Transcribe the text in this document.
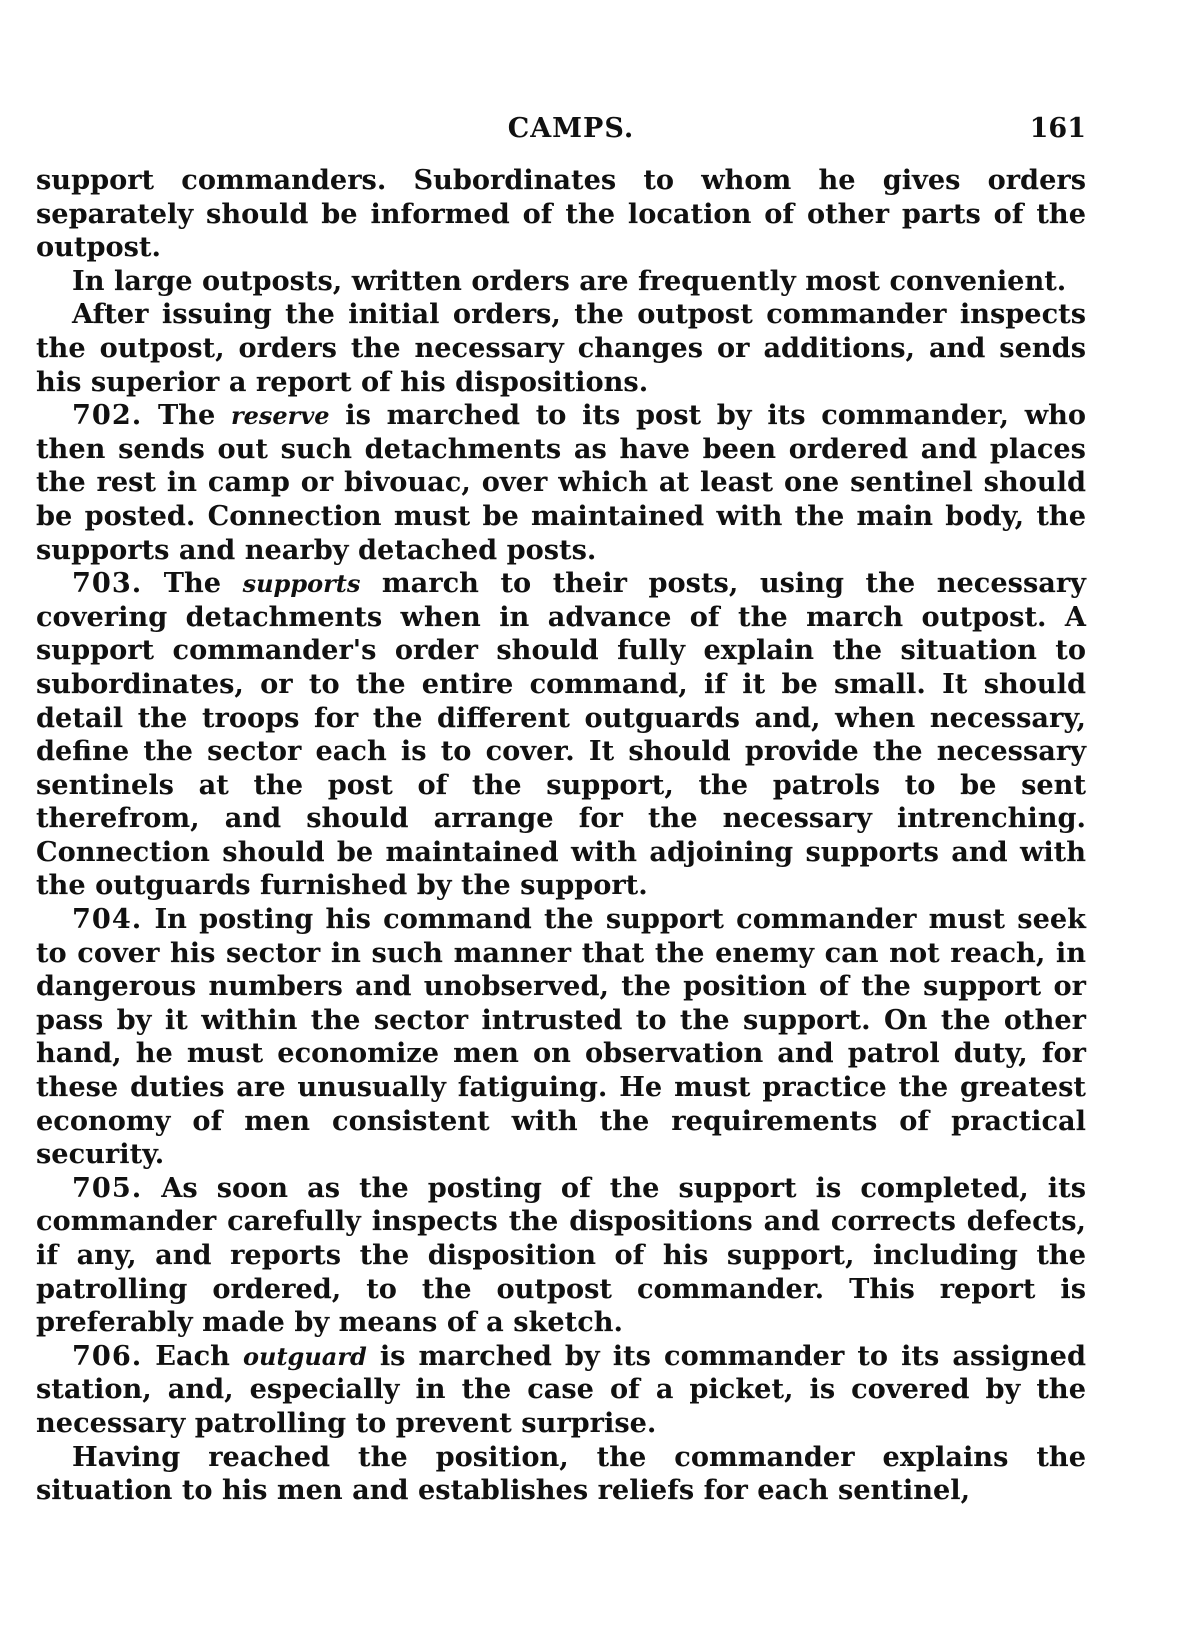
CAMPS.	161

support commanders. Subordinates to whom he gives orders separately should be informed of the location of other parts of the outpost.

In large outposts, written orders are frequently most convenient.

After issuing the initial orders, the outpost commander inspects the outpost, orders the necessary changes or additions, and sends his superior a report of his dispositions.

702. The reserve is marched to its post by its commander, who then sends out such detachments as have been ordered and places the rest in camp or bivouac, over which at least one sentinel should be posted. Connection must be maintained with the main body, the supports and nearby detached posts.

703. The supports march to their posts, using the necessary covering detachments when in advance of the march outpost. A support commander's order should fully explain the situation to subordinates, or to the entire command, if it be small. It should detail the troops for the different outguards and, when necessary, define the sector each is to cover. It should provide the necessary sentinels at the post of the support, the patrols to be sent therefrom, and should arrange for the necessary intrenching. Connection should be maintained with adjoining supports and with the outguards furnished by the support.

704. In posting his command the support commander must seek to cover his sector in such manner that the enemy can not reach, in dangerous numbers and unobserved, the position of the support or pass by it within the sector intrusted to the support. On the other hand, he must economize men on observation and patrol duty, for these duties are unusually fatiguing. He must practice the greatest economy of men consistent with the requirements of practical security.

705. As soon as the posting of the support is completed, its commander carefully inspects the dispositions and corrects defects, if any, and reports the disposition of his support, including the patrolling ordered, to the outpost commander. This report is preferably made by means of a sketch.

706. Each outguard is marched by its commander to its assigned station, and, especially in the case of a picket, is covered by the necessary patrolling to prevent surprise.

Having reached the position, the commander explains the situation to his men and establishes reliefs for each sentinel,
